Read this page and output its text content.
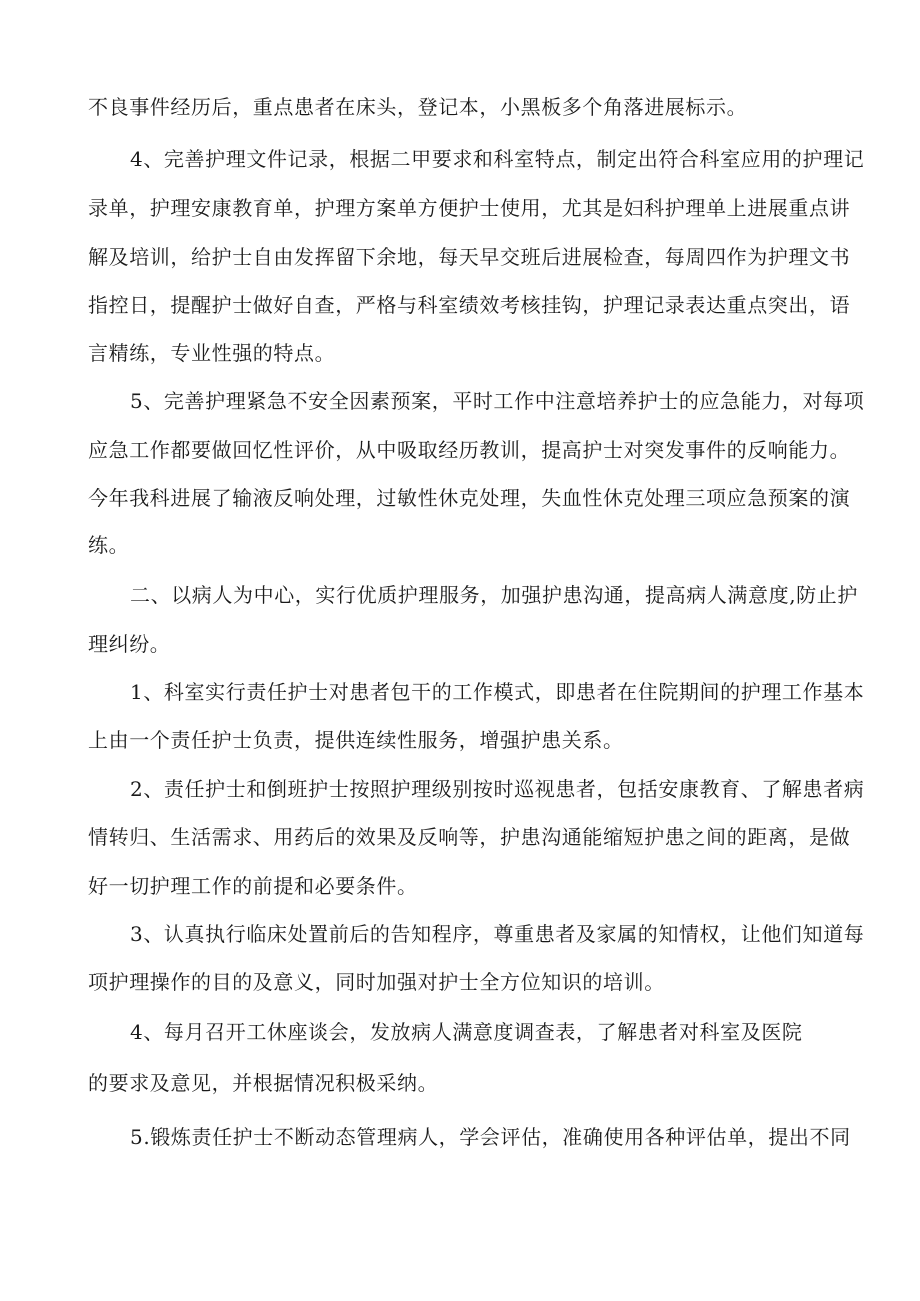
不良事件经历后，重点患者在床头，登记本，小黑板多个角落进展标示。
4、完善护理文件记录，根据二甲要求和科室特点，制定出符合科室应用的护理记
录单，护理安康教育单，护理方案单方便护士使用，尤其是妇科护理单上进展重点讲
解及培训，给护士自由发挥留下余地，每天早交班后进展检查，每周四作为护理文书
指控日，提醒护士做好自查，严格与科室绩效考核挂钩，护理记录表达重点突出，语
言精练，专业性强的特点。
5、完善护理紧急不安全因素预案，平时工作中注意培养护士的应急能力，对每项
应急工作都要做回忆性评价，从中吸取经历教训，提高护士对突发事件的反响能力。
今年我科进展了输液反响处理，过敏性休克处理，失血性休克处理三项应急预案的演
练。
二、以病人为中心，实行优质护理服务，加强护患沟通，提高病人满意度,防止护
理纠纷。
1、科室实行责任护士对患者包干的工作模式，即患者在住院期间的护理工作基本
上由一个责任护士负责，提供连续性服务，增强护患关系。
2、责任护士和倒班护士按照护理级别按时巡视患者，包括安康教育、了解患者病
情转归、生活需求、用药后的效果及反响等，护患沟通能缩短护患之间的距离，是做
好一切护理工作的前提和必要条件。
3、认真执行临床处置前后的告知程序，尊重患者及家属的知情权，让他们知道每
项护理操作的目的及意义，同时加强对护士全方位知识的培训。
4、每月召开工休座谈会，发放病人满意度调查表，了解患者对科室及医院
的要求及意见，并根据情况积极采纳。
5.锻炼责任护士不断动态管理病人，学会评估，准确使用各种评估单，提出不同
